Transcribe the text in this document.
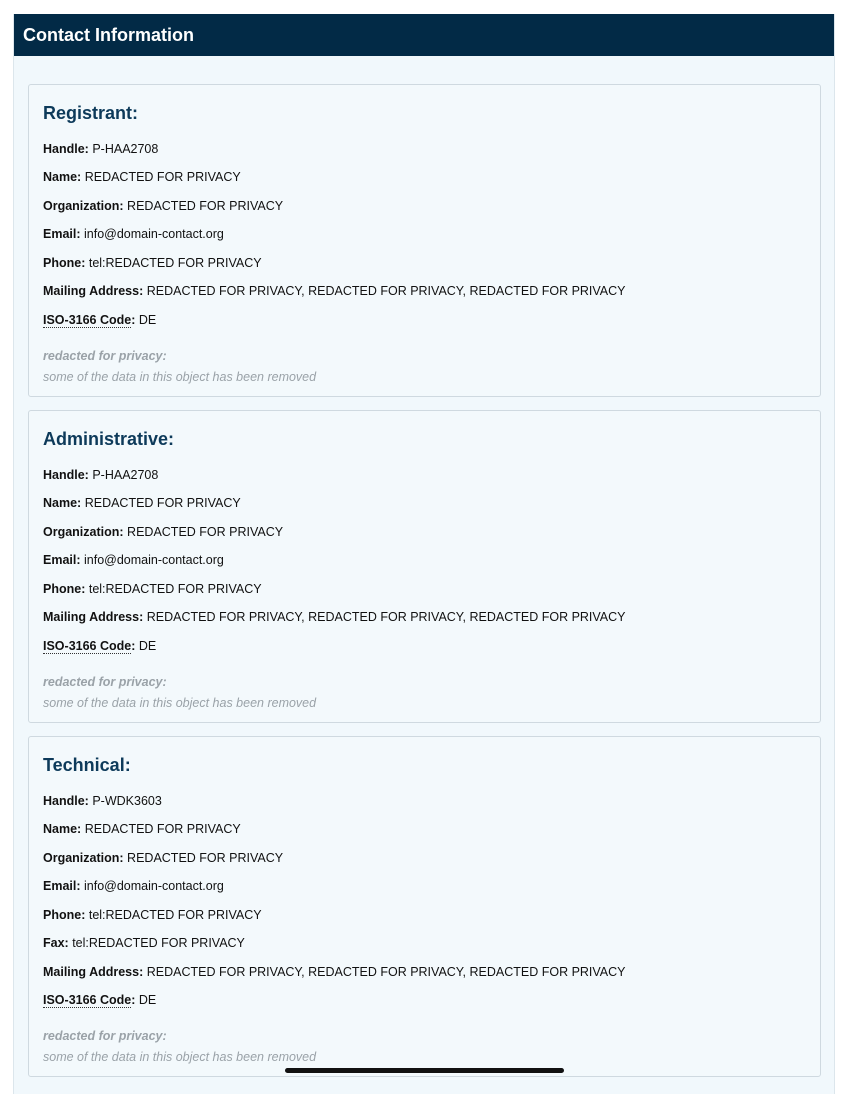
Contact Information
Registrant:
Handle: P-HAA2708
Name: REDACTED FOR PRIVACY
Organization: REDACTED FOR PRIVACY
Email: info@domain-contact.org
Phone: tel:REDACTED FOR PRIVACY
Mailing Address: REDACTED FOR PRIVACY, REDACTED FOR PRIVACY, REDACTED FOR PRIVACY
ISO-3166 Code: DE
redacted for privacy:
some of the data in this object has been removed
Administrative:
Handle: P-HAA2708
Name: REDACTED FOR PRIVACY
Organization: REDACTED FOR PRIVACY
Email: info@domain-contact.org
Phone: tel:REDACTED FOR PRIVACY
Mailing Address: REDACTED FOR PRIVACY, REDACTED FOR PRIVACY, REDACTED FOR PRIVACY
ISO-3166 Code: DE
redacted for privacy:
some of the data in this object has been removed
Technical:
Handle: P-WDK3603
Name: REDACTED FOR PRIVACY
Organization: REDACTED FOR PRIVACY
Email: info@domain-contact.org
Phone: tel:REDACTED FOR PRIVACY
Fax: tel:REDACTED FOR PRIVACY
Mailing Address: REDACTED FOR PRIVACY, REDACTED FOR PRIVACY, REDACTED FOR PRIVACY
ISO-3166 Code: DE
redacted for privacy:
some of the data in this object has been removed
